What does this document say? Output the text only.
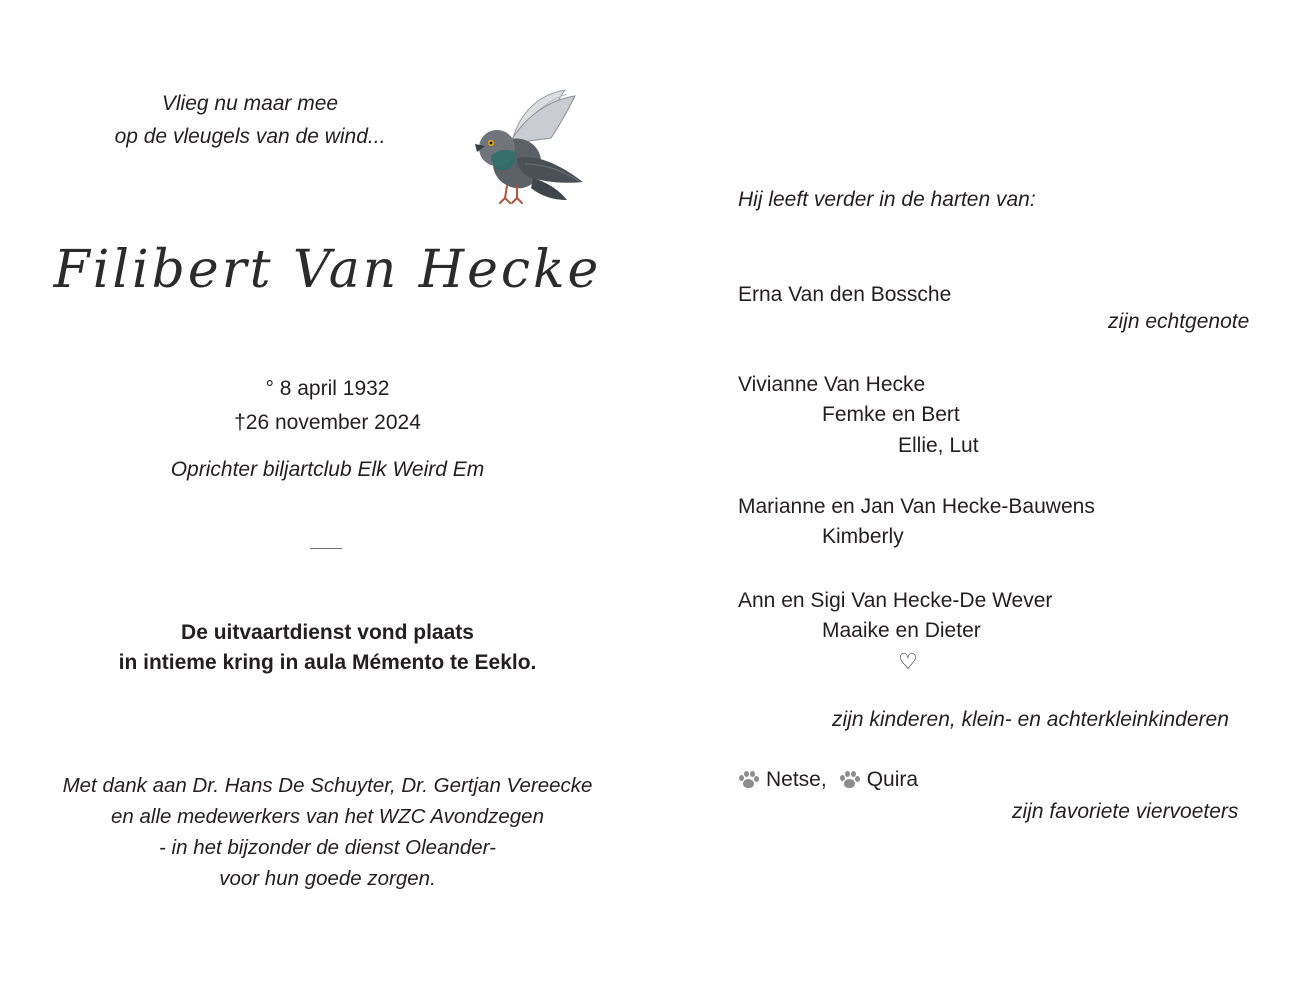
Vlieg nu maar mee
op de vleugels van de wind...
Filibert Van Hecke
° 8 april 1932
†26 november 2024
Oprichter biljartclub Elk Weird Em
De uitvaartdienst vond plaats
in intieme kring in aula Mémento te Eeklo.
Met dank aan Dr. Hans De Schuyter, Dr. Gertjan Vereecke
en alle medewerkers van het WZC Avondzegen
- in het bijzonder de dienst Oleander-
voor hun goede zorgen.
Hij leeft verder in de harten van:
Erna Van den Bossche
zijn echtgenote
Vivianne Van Hecke
Femke en Bert
Ellie, Lut
Marianne en Jan Van Hecke-Bauwens
Kimberly
Ann en Sigi Van Hecke-De Wever
Maaike en Dieter
♡
zijn kinderen, klein- en achterkleinkinderen
Netse, Quira
zijn favoriete viervoeters
